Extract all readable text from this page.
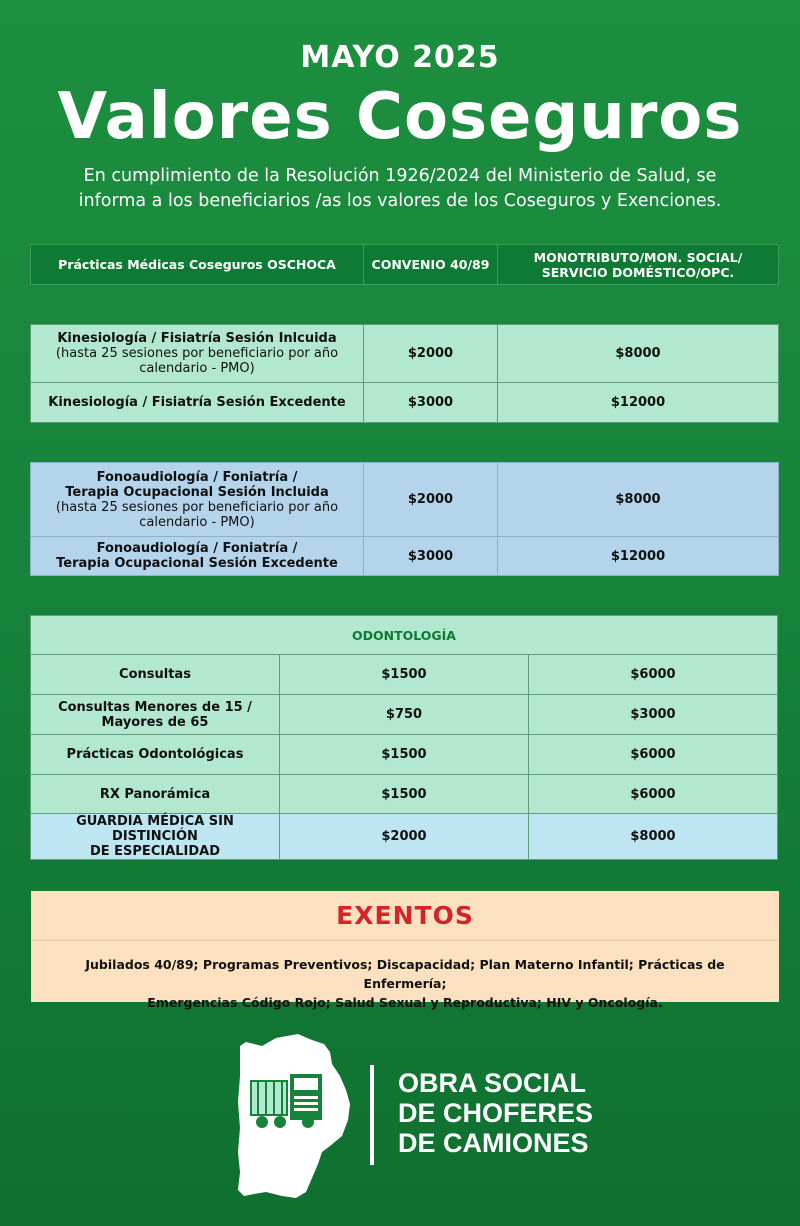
MAYO 2025
Valores Coseguros
En cumplimiento de la Resolución 1926/2024 del Ministerio de Salud, se
informa a los beneficiarios /as los valores de los Coseguros y Exenciones.
Prácticas Médicas Coseguros OSCHOCA	CONVENIO 40/89	MONOTRIBUTO/MON. SOCIAL/
SERVICIO DOMÉSTICO/OPC.
Kinesiología / Fisiatría Sesión Inlcuida
(hasta 25 sesiones por beneficiario por año
calendario - PMO)	$2000	$8000
Kinesiología / Fisiatría Sesión Excedente	$3000	$12000
Fonoaudiología / Foniatría /
Terapia Ocupacional Sesión Incluida
(hasta 25 sesiones por beneficiario por año
calendario - PMO)	$2000	$8000

Fonoaudiología / Foniatría /
Terapia Ocupacional Sesión Excedente	$3000	$12000
ODONTOLOGÍA		
Consultas	$1500	$6000
Consultas Menores de 15 / Mayores de 65	$750	$3000
Prácticas Odontológicas	$1500	$6000
RX Panorámica	$1500	$6000

GUARDIA MÉDICA SIN DISTINCIÓN
DE ESPECIALIDAD	$2000	$8000
EXENTOS
Jubilados 40/89; Programas Preventivos; Discapacidad; Plan Materno Infantil; Prácticas de Enfermería;
Emergencias Código Rojo; Salud Sexual y Reproductiva; HIV y Oncología.
OBRA SOCIAL
DE CHOFERES
DE CAMIONES
